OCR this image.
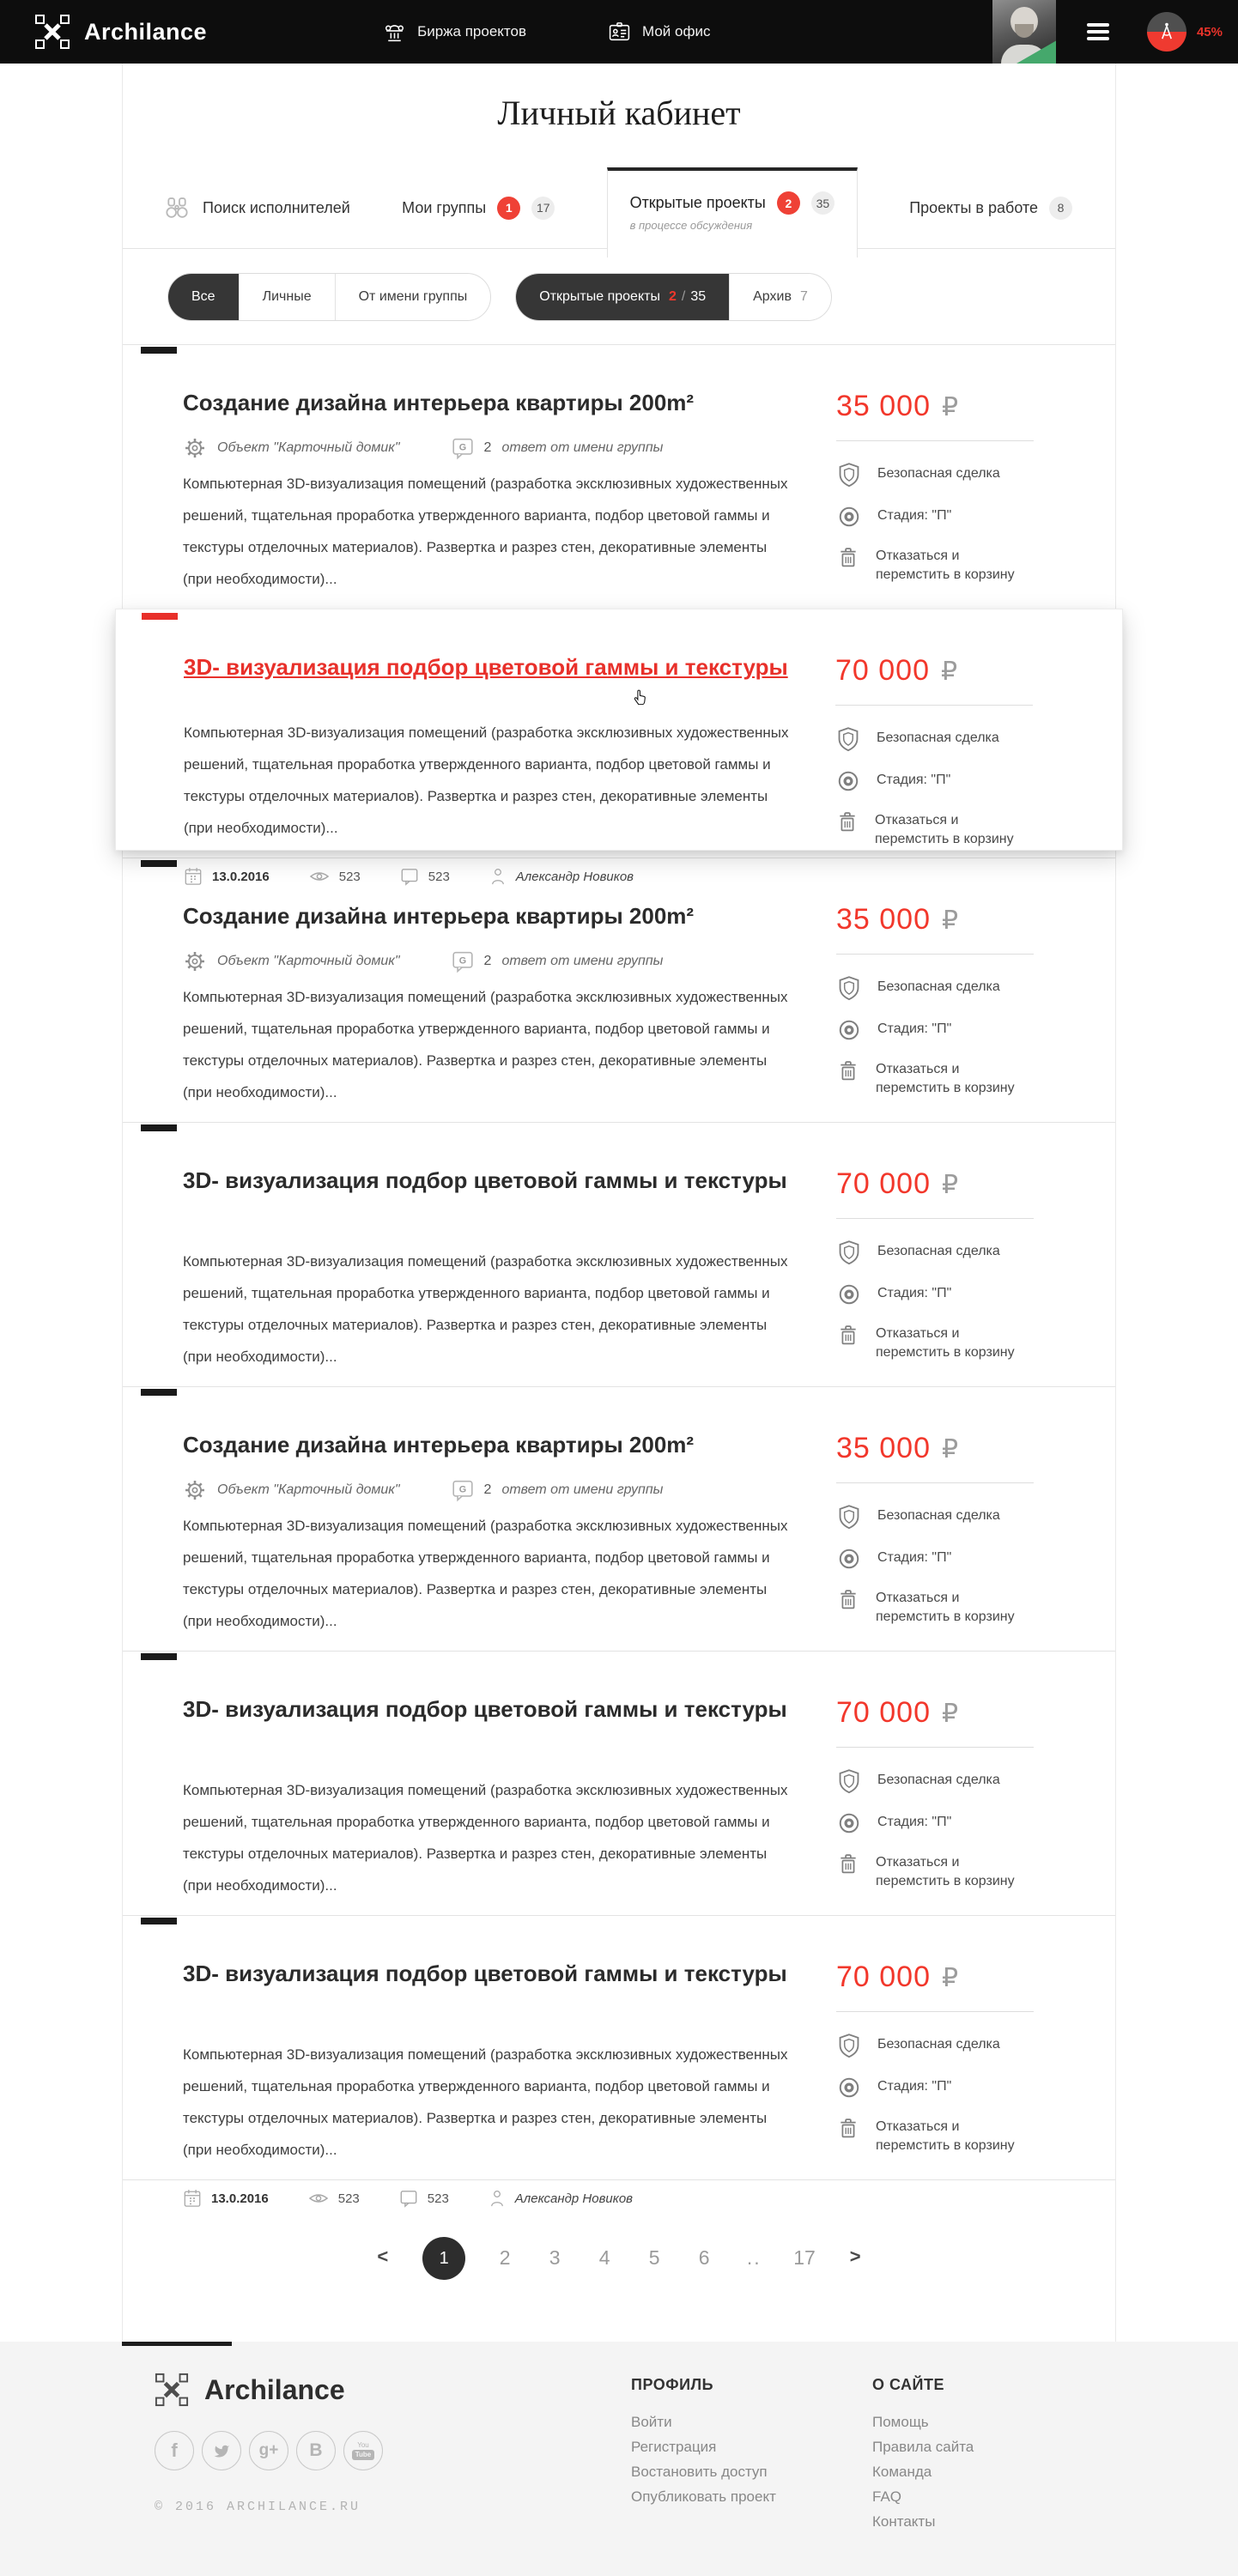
Archilance	Биржа проектов	Мой офис	45%
Личный кабинет
Поиск исполнителей	Мои группы	1	17	Открытые проекты	2	35
в процессе обсуждения
Проекты в работе	8
Все	Личные	От имени группы	Открытые проекты 2 / 35	Архив 7
Создание дизайна интерьера квартиры 200m²
Объект "Карточный домик"	G 2 ответ от имени группы
Компьютерная 3D-визуализация помещений (разработка эксклюзивных художественных решений, тщательная проработка утвержденного варианта, подбор цветовой гаммы и текстуры отделочных материалов). Развертка и разрез стен, декоративные элементы (при необходимости)...
35 000 ₽
Безопасная сделка
Стадия: "П"
Отказаться и перемстить в корзину
3D- визуализация подбор цветовой гаммы и текстуры
Компьютерная 3D-визуализация помещений (разработка эксклюзивных художественных решений, тщательная проработка утвержденного варианта, подбор цветовой гаммы и текстуры отделочных материалов). Развертка и разрез стен, декоративные элементы (при необходимости)...
13.0.2016	523	523	Александр Новиков
70 000 ₽
Безопасная сделка
Стадия: "П"
Отказаться и перемстить в корзину
Создание дизайна интерьера квартиры 200m²
Объект "Карточный домик"	G 2 ответ от имени группы
Компьютерная 3D-визуализация помещений (разработка эксклюзивных художественных решений, тщательная проработка утвержденного варианта, подбор цветовой гаммы и текстуры отделочных материалов). Развертка и разрез стен, декоративные элементы (при необходимости)...
35 000 ₽
Безопасная сделка
Стадия: "П"
Отказаться и перемстить в корзину
3D- визуализация подбор цветовой гаммы и текстуры
Компьютерная 3D-визуализация помещений (разработка эксклюзивных художественных решений, тщательная проработка утвержденного варианта, подбор цветовой гаммы и текстуры отделочных материалов). Развертка и разрез стен, декоративные элементы (при необходимости)...
70 000 ₽
Безопасная сделка
Стадия: "П"
Отказаться и перемстить в корзину
Создание дизайна интерьера квартиры 200m²
Объект "Карточный домик"	G 2 ответ от имени группы
Компьютерная 3D-визуализация помещений (разработка эксклюзивных художественных решений, тщательная проработка утвержденного варианта, подбор цветовой гаммы и текстуры отделочных материалов). Развертка и разрез стен, декоративные элементы (при необходимости)...
35 000 ₽
Безопасная сделка
Стадия: "П"
Отказаться и перемстить в корзину
3D- визуализация подбор цветовой гаммы и текстуры
Компьютерная 3D-визуализация помещений (разработка эксклюзивных художественных решений, тщательная проработка утвержденного варианта, подбор цветовой гаммы и текстуры отделочных материалов). Развертка и разрез стен, декоративные элементы (при необходимости)...
70 000 ₽
Безопасная сделка
Стадия: "П"
Отказаться и перемстить в корзину
3D- визуализация подбор цветовой гаммы и текстуры
Компьютерная 3D-визуализация помещений (разработка эксклюзивных художественных решений, тщательная проработка утвержденного варианта, подбор цветовой гаммы и текстуры отделочных материалов). Развертка и разрез стен, декоративные элементы (при необходимости)...
13.0.2016	523	523	Александр Новиков
70 000 ₽
Безопасная сделка
Стадия: "П"
Отказаться и перемстить в корзину
<	1	2 3 4 5 6 .. 17 >
Archilance
f	g+ B	You
Tube
© 2016 ARCHILANCE.RU
ПРОФИЛЬ
Войти
Регистрация
Востановить доступ
Опубликовать проект
О САЙТЕ
Помощь
Правила сайта
Команда
FAQ
Контакты
